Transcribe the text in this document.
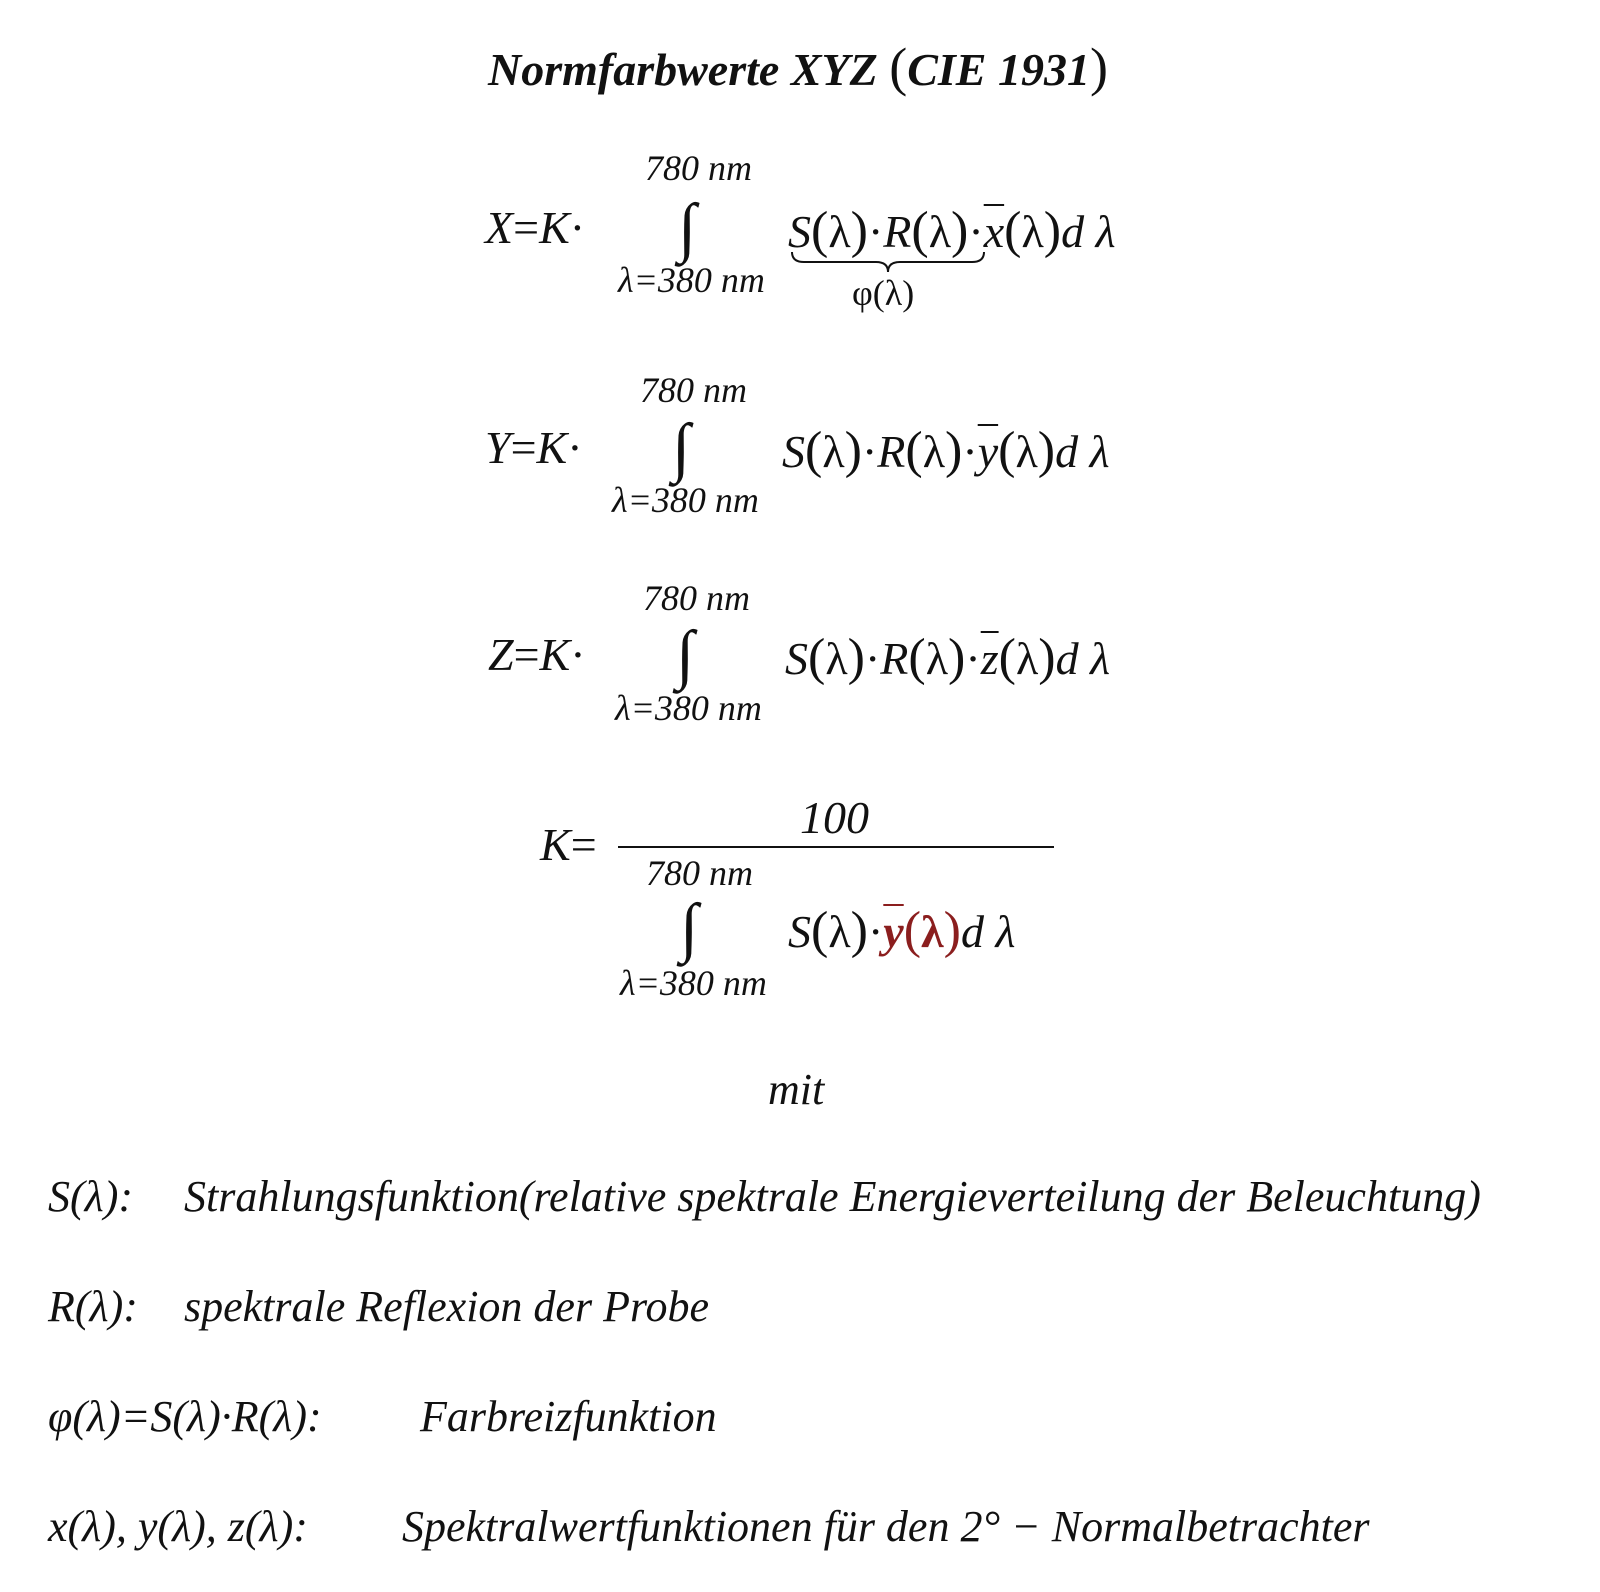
Normfarbwerte XYZ (CIE 1931)
780 nm
X=K· ∫ $S(\lambda)\cdot R(\lambda)\cdot\overline{x}(\lambda)d$ λ
φ(λ)
λ=380 nm
780 nm
Y=K· ∫ $S(\lambda)\cdot R(\lambda)\cdot\overline{y}(\lambda)d$ λ
λ=380 nm
780 nm
Z=K· ∫ $S(\lambda)\cdot R(\lambda)\cdot\overline{z}(\lambda)d$ λ
λ=380 nm
K=
100
780 nm
∫ $S(\lambda)\cdot\overline{y}(\lambda)d$ λ
λ=380 nm
mit
S(λ): Strahlungsfunktion(relative spektrale Energieverteilung der Beleuchtung)
R(λ): spektrale Reflexion der Probe
φ(λ)=S(λ)·R(λ): Farbreizfunktion
x(λ), y(λ), z(λ): Spektralwertfunktionen für den 2° − Normalbetrachter
